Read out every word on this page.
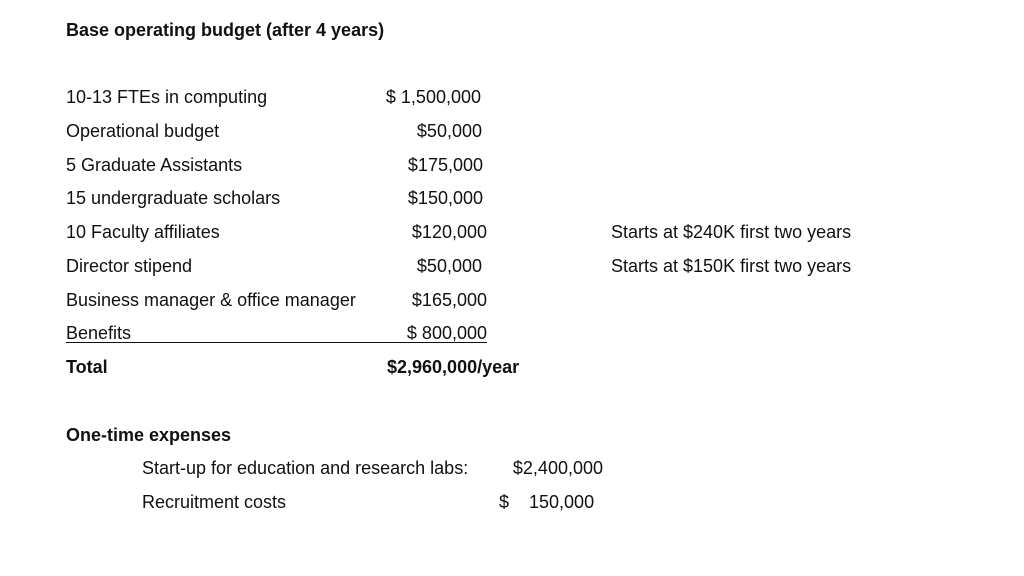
Base operating budget (after 4 years)
10-13 FTEs in computing	$ 1,500,000
Operational budget	$50,000
5 Graduate Assistants	$175,000
15 undergraduate scholars	$150,000
10 Faculty affiliates	$120,000	Starts at $240K first two years
Director stipend	$50,000	Starts at $150K first two years
Business manager & office manager	$165,000
Benefits	$ 800,000
Total	$2,960,000/year
One-time expenses
Start-up for education and research labs:	$2,400,000
Recruitment costs	$    150,000
